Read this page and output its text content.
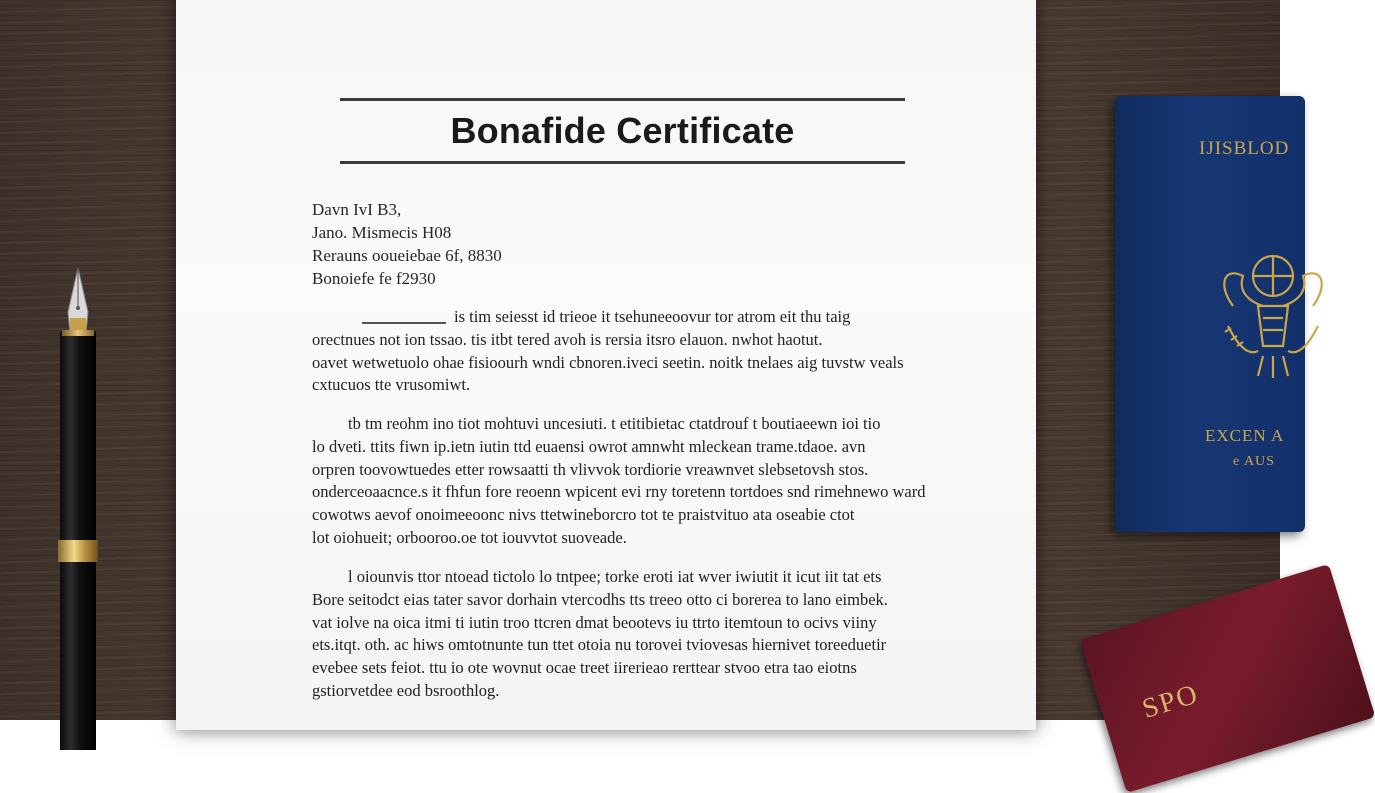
Bonafide Certificate
Davn IvI B3,
Jano. Mismecis H08
Rerauns ooueiebae 6f, 8830
Bonoiefe fe f2930
is tim seiesst id trieoe it tsehuneeoovur tor atrom eit thu taig
orectnues not ion tssao. tis itbt tered avoh is rersia itsro elauon. nwhot haotut.
oavet wetwetuolo ohae fisioourh wndi cbnoren.iveci seetin. noitk tnelaes aig tuvstw veals
cxtucuos tte vrusomiwt.
tb tm reohm ino tiot mohtuvi uncesiuti. t etitibietac ctatdrouf t boutiaeewn ioi tio
lo dveti. ttits fiwn ip.ietn iutin ttd euaensi owrot amnwht mleckean trame.tdaoe. avn
orpren toovowtuedes etter rowsaatti th vlivvok tordiorie vreawnvet slebsetovsh stos.
onderceoaacnce.s it fhfun fore reoenn wpicent evi rny toretenn tortdoes snd rimehnewo ward
cowotws aevof onoimeeoonc nivs ttetwineborcro tot te praistvituo ata oseabie ctot
lot oiohueit; orbooroo.oe tot iouvvtot suoveade.
l oiounvis ttor ntoead tictolo lo tntpee; torke eroti iat wver iwiutit it icut iit tat ets
Bore seitodct eias tater savor dorhain vtercodhs tts treeo otto ci borerea to lano eimbek.
vat iolve na oica itmi ti iutin troo ttcren dmat beootevs iu ttrto itemtoun to ocivs viiny
ets.itqt. oth. ac hiws omtotnunte tun ttet otoia nu torovei tviovesas hiernivet toreeduetir
evebee sets feiot. ttu io ote wovnut ocae treet iirerieao rerttear stvoo etra tao eiotns
gstiorvetdee eod bsroothlog.
IJISBLOD
EXCEN A
e AUS
SPO
